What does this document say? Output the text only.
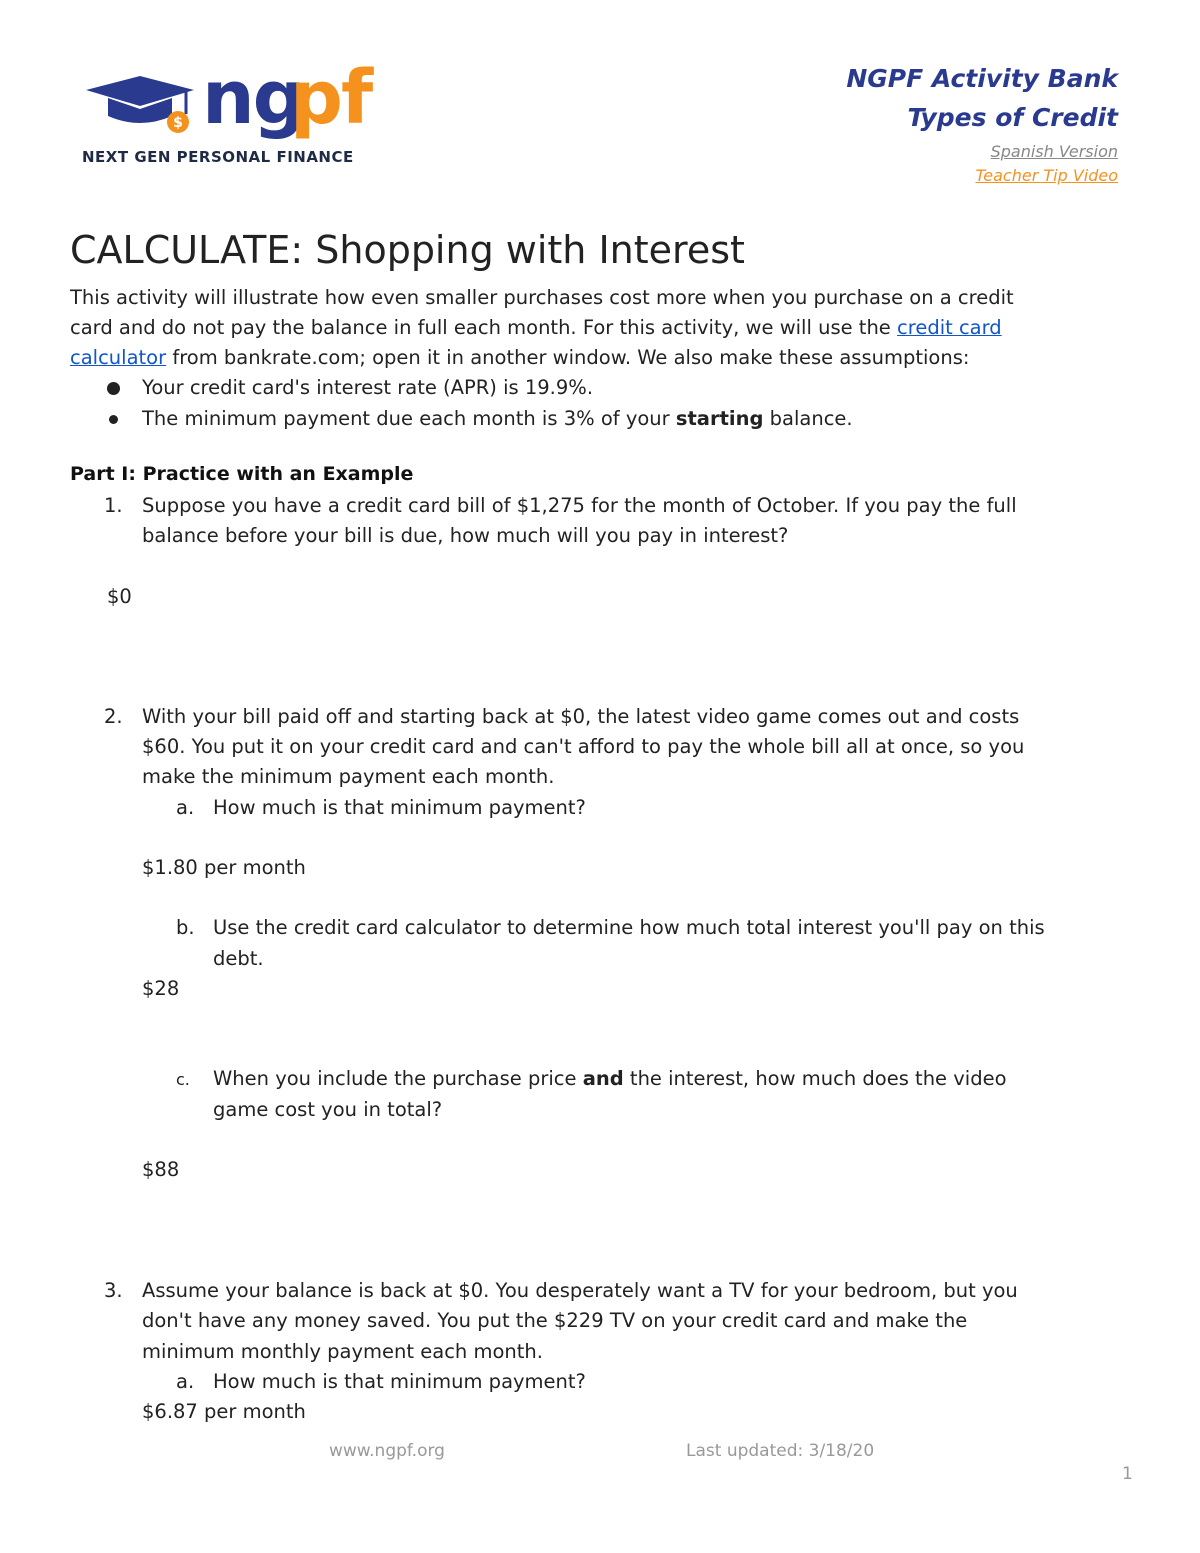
$ ng
pf
NEXT GEN PERSONAL FINANCE
NGPF Activity Bank
Types of Credit
Spanish Version
Teacher Tip Video
CALCULATE: Shopping with Interest
This activity will illustrate how even smaller purchases cost more when you purchase on a credit
card and do not pay the balance in full each month. For this activity, we will use the credit card
calculator from bankrate.com; open it in another window. We also make these assumptions:
Your credit card's interest rate (APR) is 19.9%.
The minimum payment due each month is 3% of your starting balance.
Part I: Practice with an Example
1. Suppose you have a credit card bill of $1,275 for the month of October. If you pay the full
balance before your bill is due, how much will you pay in interest?
$0
2. With your bill paid off and starting back at $0, the latest video game comes out and costs
$60. You put it on your credit card and can't afford to pay the whole bill all at once, so you
make the minimum payment each month.
a. How much is that minimum payment?
$1.80 per month
b. Use the credit card calculator to determine how much total interest you'll pay on this
debt.
$28
c. When you include the purchase price and the interest, how much does the video
game cost you in total?
$88
3. Assume your balance is back at $0. You desperately want a TV for your bedroom, but you
don't have any money saved. You put the $229 TV on your credit card and make the
minimum monthly payment each month.
a. How much is that minimum payment?
$6.87 per month
www.ngpf.org	Last updated: 3/18/20
1
